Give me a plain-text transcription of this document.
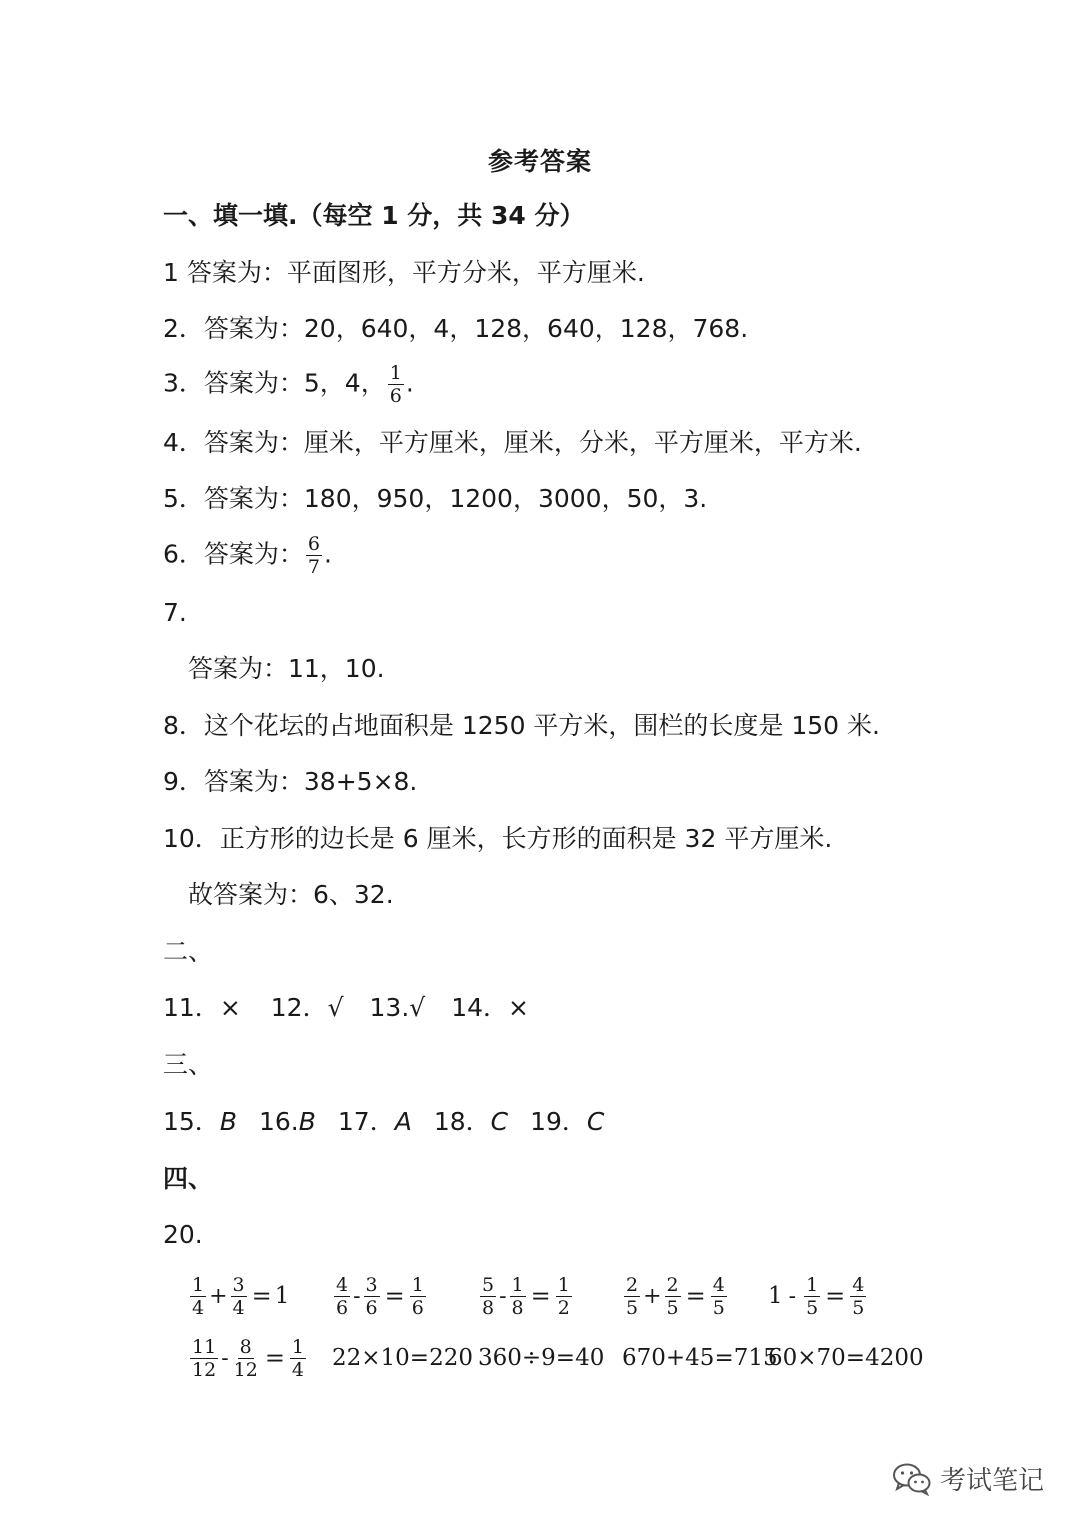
参考答案
一、填一填.（每空 1 分，共 34 分）
1 答案为：平面图形，平方分米，平方厘米.
2．答案为：20，640，4，128，640，128，768.
3．答案为：5，4， $\frac{1}{6}$ .
4．答案为：厘米，平方厘米，厘米，分米，平方厘米，平方米.
5．答案为：180，950，1200，3000，50，3.
6．答案为： $\frac{6}{7}$ .
7.
答案为：11，10.
8．这个花坛的占地面积是 1250 平方米，围栏的长度是 150 米.
9．答案为：38+5×8.
10．正方形的边长是 6 厘米，长方形的面积是 32 平方厘米.
故答案为：6、32.
二、
11．× 12．√ 13.√ 14．×
三、
15．B 16.B 17．A 18．C 19．C
四、
20.
$\frac{1}{4} + \frac{3}{4} = 1 \frac{4}{6} - \frac{3}{6} = \frac{1}{6}$	$\frac{5}{8} - \frac{1}{8} = \frac{1}{2}$	$\frac{2}{5} + \frac{2}{5} = \frac{4}{5} 1 - \frac{1}{5} = \frac{4}{5}$
$\frac{11}{12} - \frac{8}{12} = \frac{1}{4} 22\times 10=220$ 360÷9=40 670+45=715
60×70=4200
考试笔记
